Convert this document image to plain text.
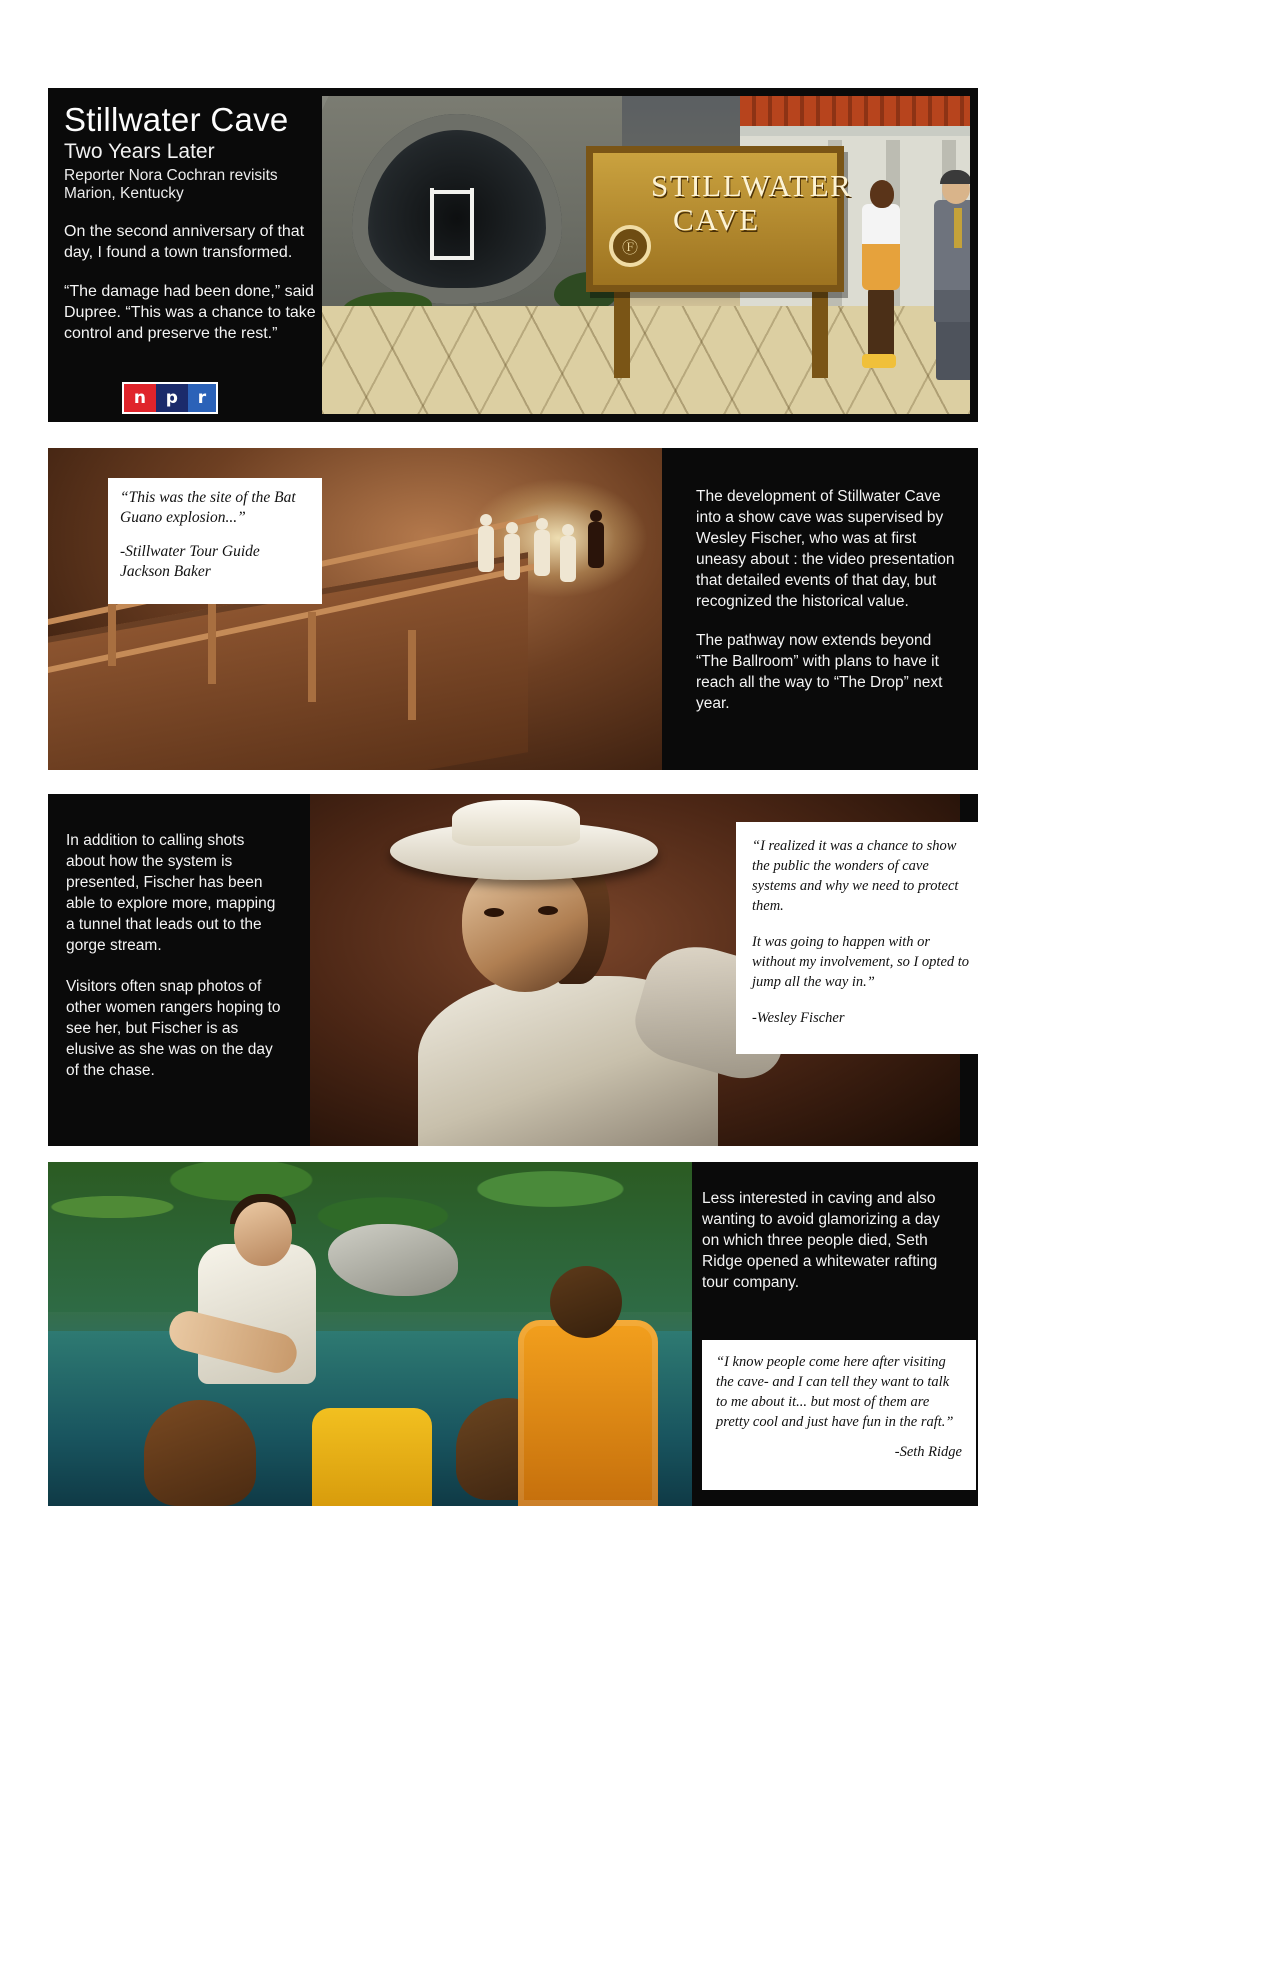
STILLWATER
CAVE
Ⓕ
Stillwater Cave
Two Years Later
Reporter Nora Cochran revisits
Marion, Kentucky

On the second anniversary of that day, I found a town transformed.

“The damage had been done,” said Dupree. “This was a chance to take control and preserve the rest.”

n	p	r
“This was the site of the Bat Guano explosion...”
-Stillwater Tour Guide Jackson Baker

The development of Stillwater Cave into a show cave was supervised by Wesley Fischer, who was at first uneasy about : the video presentation that detailed events of that day, but recognized the historical value.

The pathway now extends beyond “The Ballroom” with plans to have it reach all the way to “The Drop” next year.

In addition to calling shots about how the system is presented, Fischer has been able to explore more, mapping a tunnel that leads out to the gorge stream.

Visitors often snap photos of other women rangers hoping to see her, but Fischer is as elusive as she was on the day of the chase.

“I realized it was a chance to show the public the wonders of cave systems and why we need to protect them.

It was going to happen with or without my involvement, so I opted to jump all the way in.”

-Wesley Fischer

Less interested in caving and also wanting to avoid glamorizing a day on which three people died, Seth Ridge opened a whitewater rafting tour company.

“I know people come here after visiting the cave- and I can tell they want to talk to me about it... but most of them are pretty cool and just have fun in the raft.”

-Seth Ridge
